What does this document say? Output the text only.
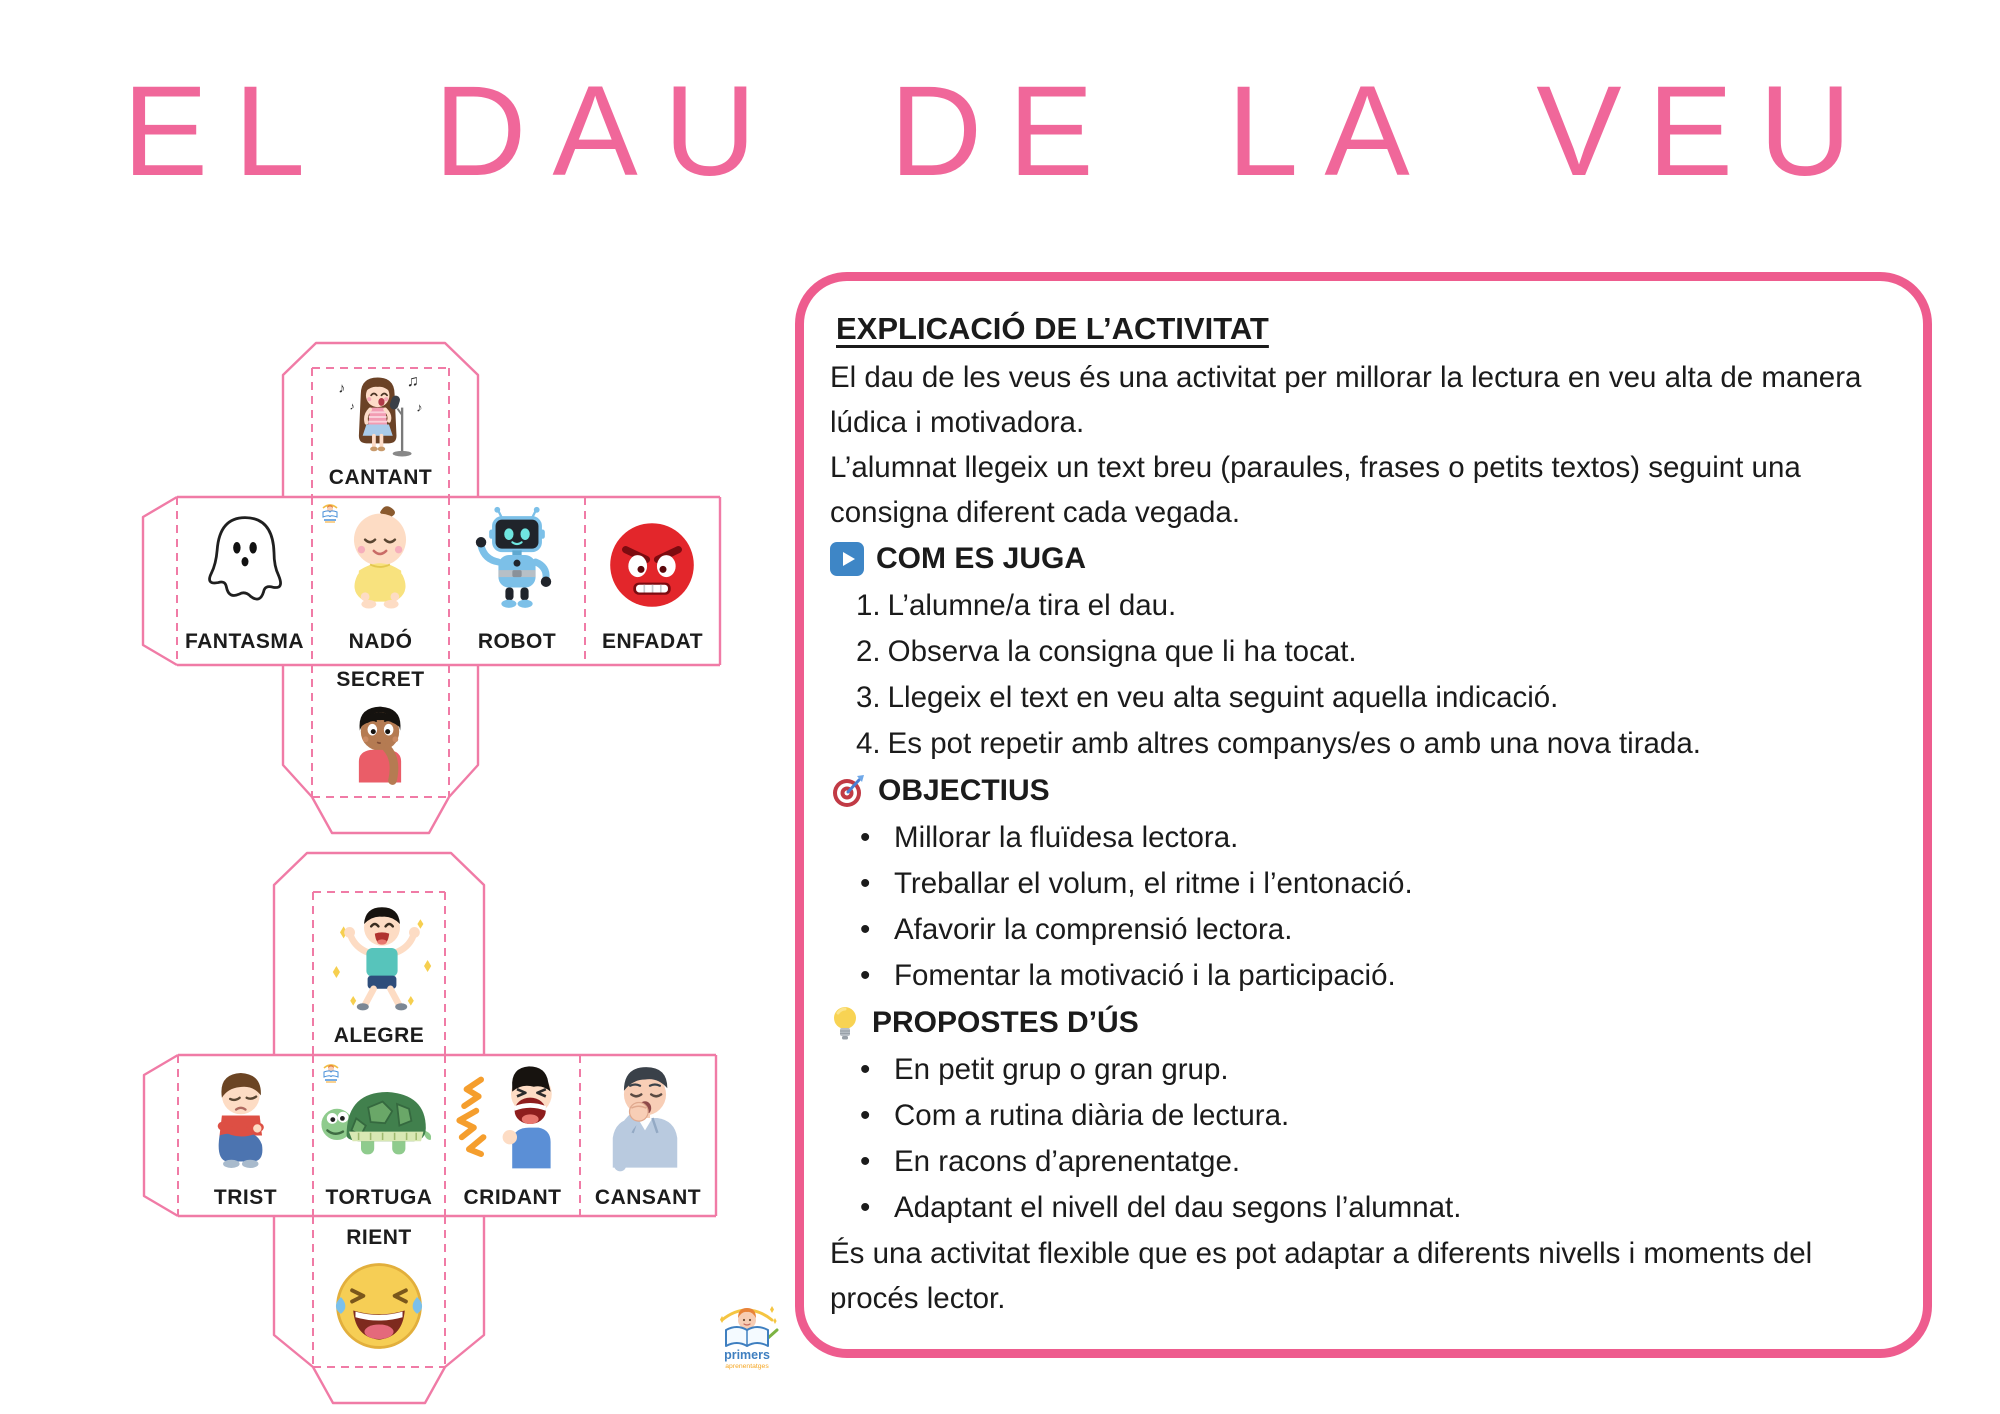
EL DAU DE LA VEU
♪	♫
♪
♪
CANTANT
FANTASMA	NADÓ	ROBOT	ENFADAT
SECRET
ALEGRE
TRIST	TORTUGA	CRIDANT	CANSANT
RIENT
EXPLICACIÓ DE L’ACTIVITAT

El dau de les veus és una activitat per millorar la lectura en veu alta de manera lúdica i motivadora.

L’alumnat llegeix un text breu (paraules, frases o petits textos) seguint una consigna diferent cada vegada.

COM ES JUGA
L’alumne/a tira el dau.
Observa la consigna que li ha tocat.
Llegeix el text en veu alta seguint aquella indicació.
Es pot repetir amb altres companys/es o amb una nova tirada.
OBJECTIUS
• Millorar la fluïdesa lectora.
• Treballar el volum, el ritme i l’entonació.
• Afavorir la comprensió lectora.
• Fomentar la motivació i la participació.
PROPOSTES D’ÚS
• En petit grup o gran grup.
• Com a rutina diària de lectura.
• En racons d’aprenentatge.
• Adaptant el nivell del dau segons l’alumnat.

És una activitat flexible que es pot adaptar a diferents nivells i moments del procés lector.

primers
aprenentatges
